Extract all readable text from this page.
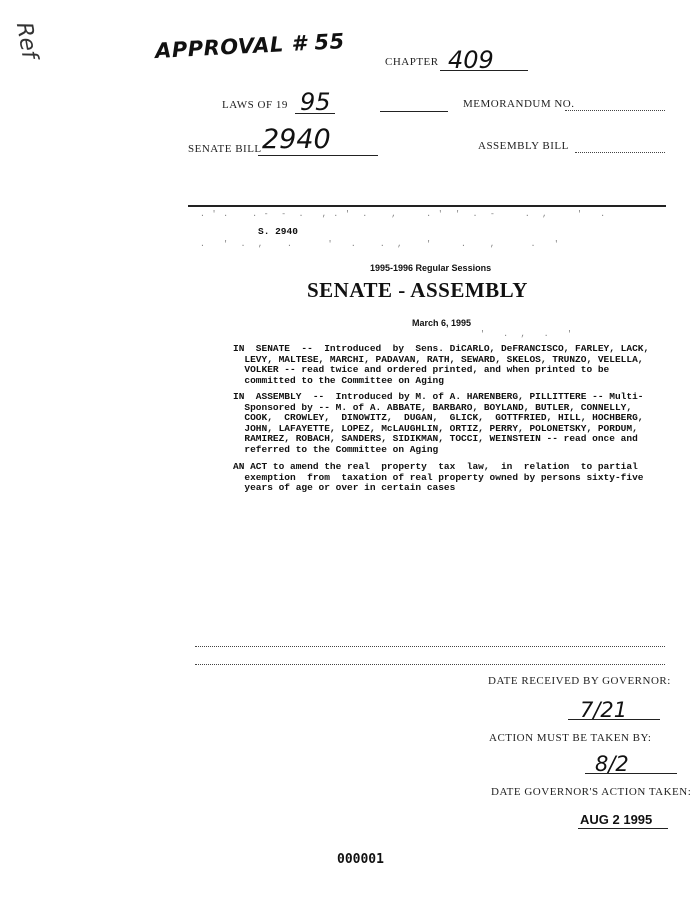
Ref	APPROVAL # 55	CHAPTER 409
LAWS OF 19 95	MEMORANDUM NO.
SENATE BILL 2940	ASSEMBLY BILL
. ' .    . -  -  .   , . '  .    ,     . '  '  .  -     .  ,     '   .
.   '  .  ,    .      '   .    .  ,    '     .    ,      .   '
S. 2940
1995-1996 Regular Sessions
SENATE - ASSEMBLY
March 6, 1995
'   .  ,   .   '
IN  SENATE  --  Introduced  by  Sens. DiCARLO, DeFRANCISCO, FARLEY, LACK,
LEVY, MALTESE, MARCHI, PADAVAN, RATH, SEWARD, SKELOS, TRUNZO, VELELLA,
VOLKER -- read twice and ordered printed, and when printed to be
committed to the Committee on Aging
IN  ASSEMBLY  --  Introduced by M. of A. HARENBERG, PILLITTERE -- Multi-
Sponsored by -- M. of A. ABBATE, BARBARO, BOYLAND, BUTLER, CONNELLY,
COOK,  CROWLEY,  DINOWITZ,  DUGAN,  GLICK,  GOTTFRIED, HILL, HOCHBERG,
JOHN, LAFAYETTE, LOPEZ, McLAUGHLIN, ORTIZ, PERRY, POLONETSKY, PORDUM,
RAMIREZ, ROBACH, SANDERS, SIDIKMAN, TOCCI, WEINSTEIN -- read once and
referred to the Committee on Aging
AN ACT to amend the real  property  tax  law,  in  relation  to partial
exemption  from  taxation of real property owned by persons sixty-five
years of age or over in certain cases
DATE RECEIVED BY GOVERNOR:
7/21
ACTION MUST BE TAKEN BY:
8/2
DATE GOVERNOR'S ACTION TAKEN:
AUG 2 1995
000001
